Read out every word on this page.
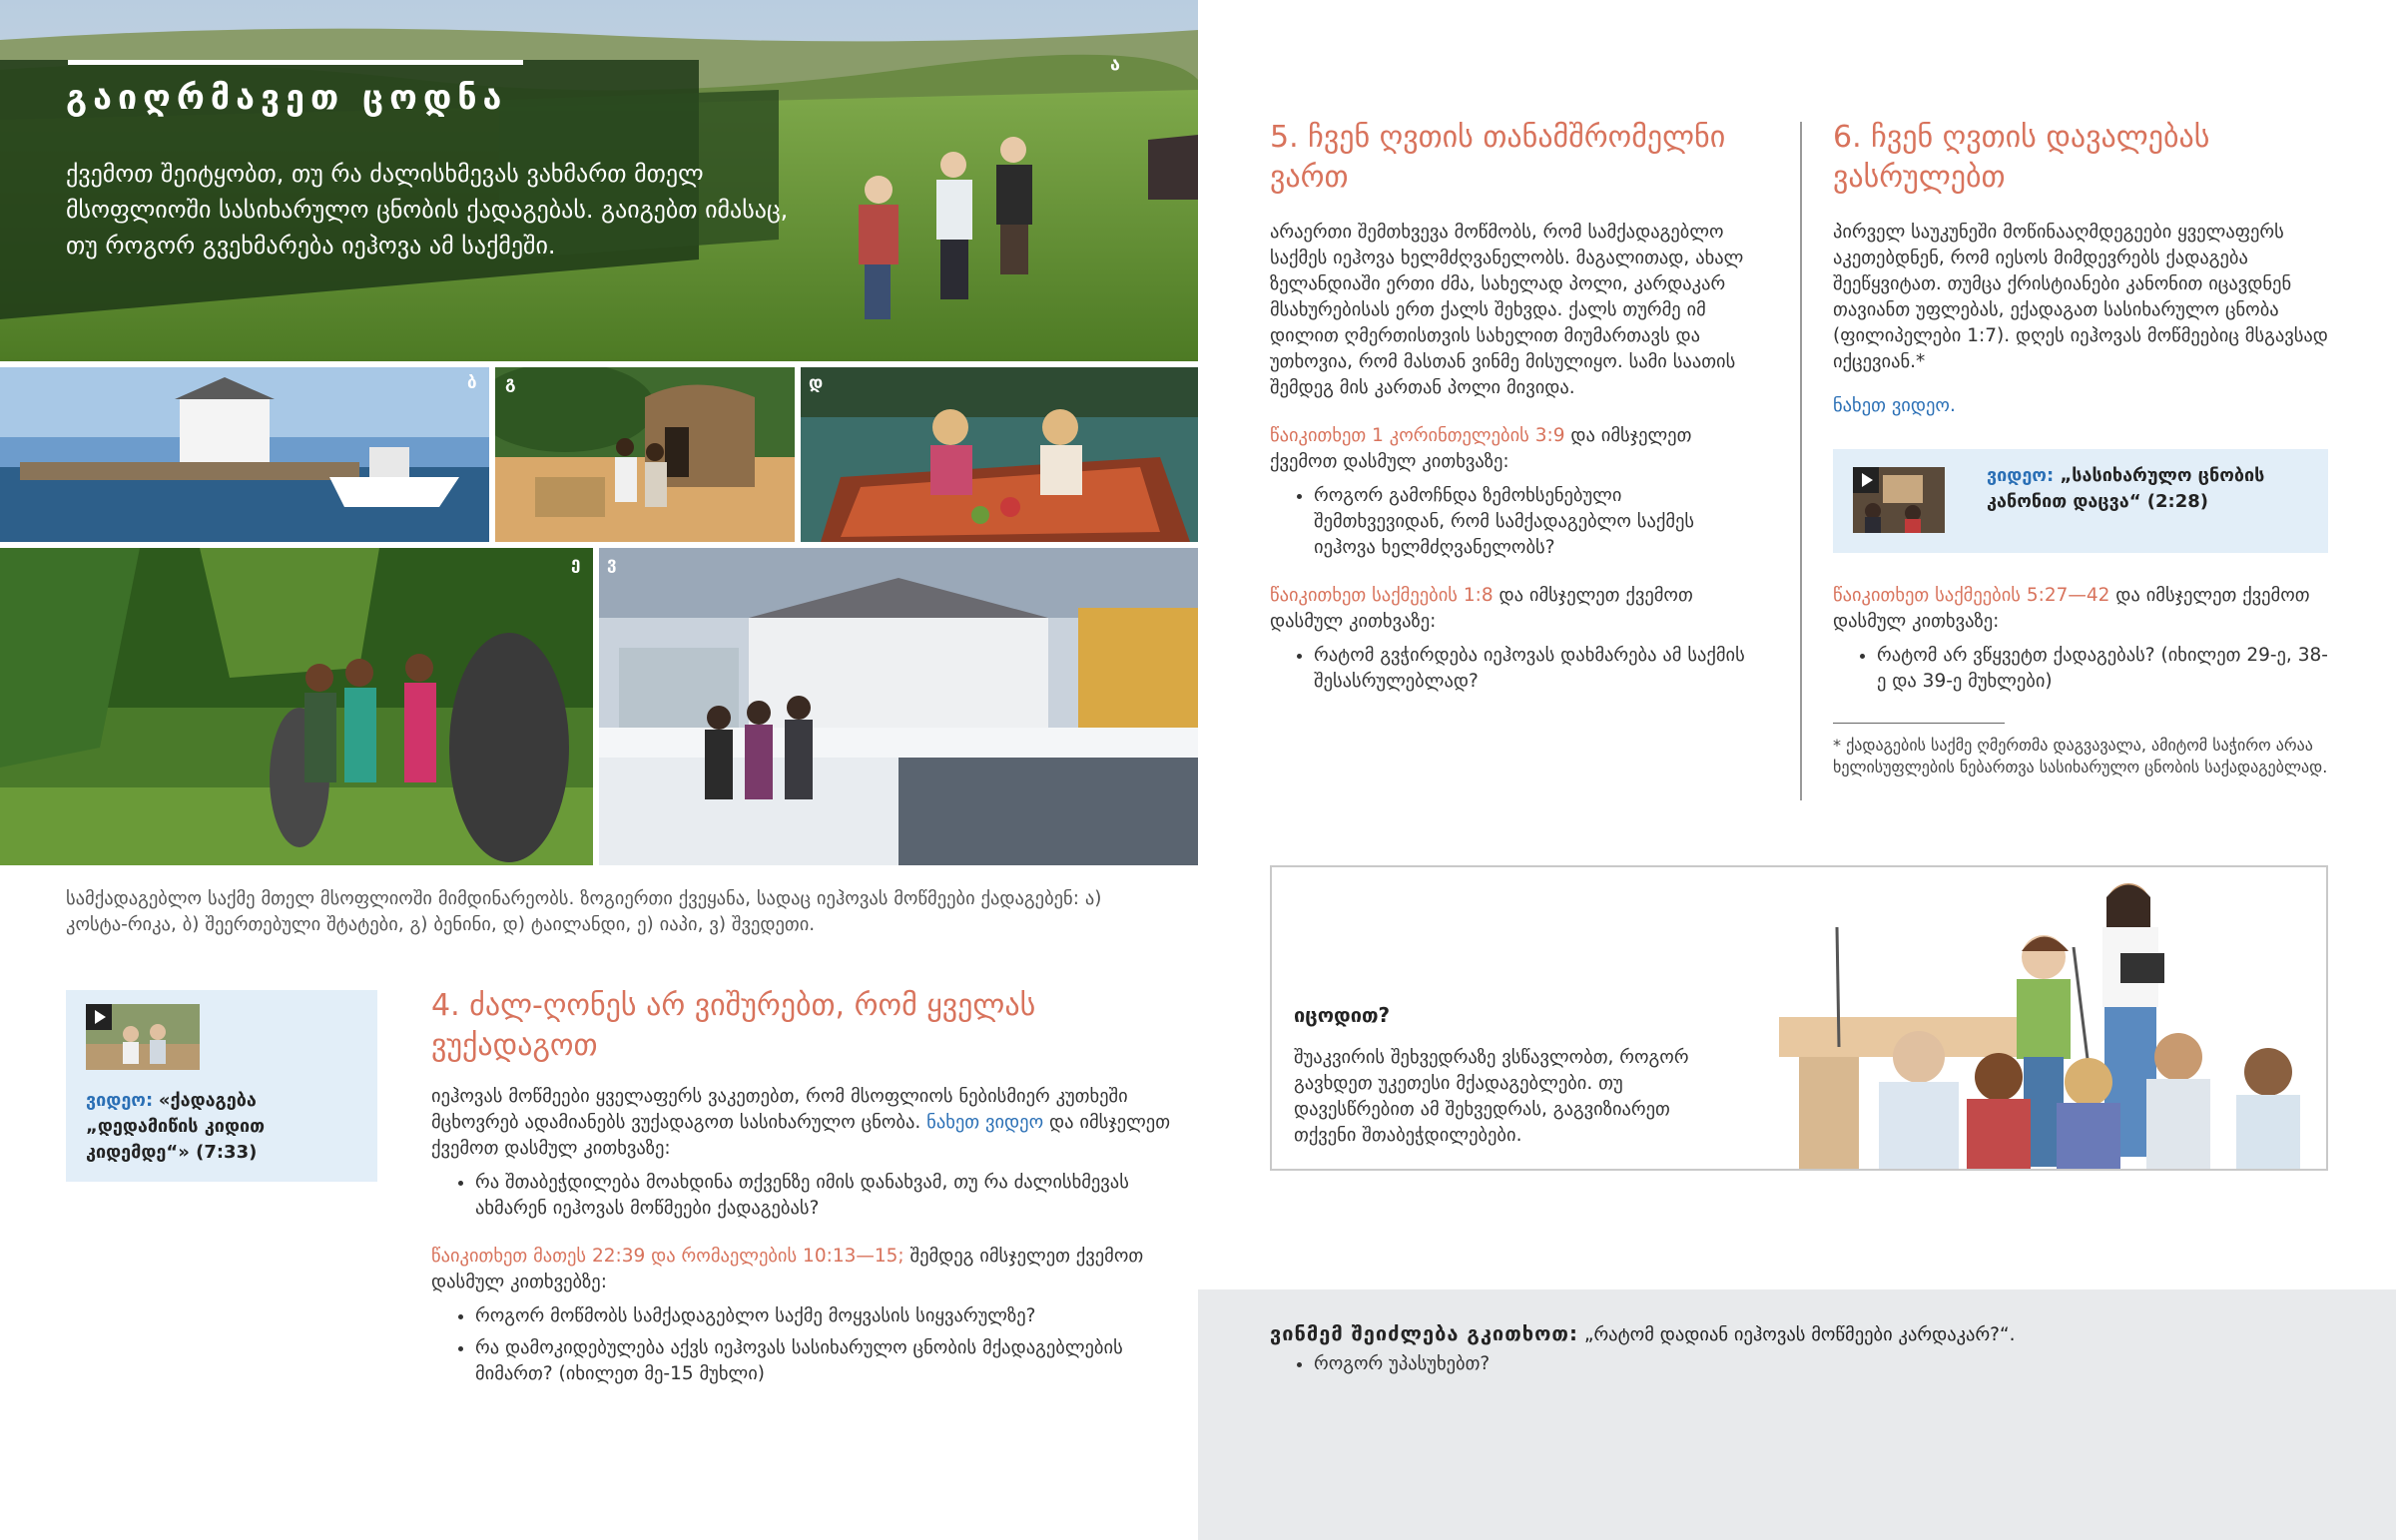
გაიღრმავეთ ცოდნა
ა
ქვემოთ შეიტყობთ, თუ რა ძალისხმევას ვახმართ მთელ მსოფლიოში სასიხარულო ცნობის ქადაგებას. გაიგებთ იმასაც, თუ როგორ გვეხმარება იეჰოვა ამ საქმეში.
ბ	გ	დ
ე	ვ
სამქადაგებლო საქმე მთელ მსოფლიოში მიმდინარეობს. ზოგიერთი ქვეყანა, სადაც იეჰოვას მოწმეები ქადაგებენ: ა) კოსტა-რიკა, ბ) შეერთებული შტატები, გ) ბენინი, დ) ტაილანდი, ე) იაპი, ვ) შვედეთი.
ვიდეო: «ქადაგება „დედამიწის კიდით კიდემდე“» (7:33)
4. ძალ-ღონეს არ ვიშურებთ, რომ ყველას ვუქადაგოთ
იეჰოვას მოწმეები ყველაფერს ვაკეთებთ, რომ მსოფლიოს ნებისმიერ კუთხეში მცხოვრებ ადამიანებს ვუქადაგოთ სასიხარულო ცნობა. ნახეთ ვიდეო და იმსჯელეთ ქვემოთ დასმულ კითხვაზე:
• რა შთაბეჭდილება მოახდინა თქვენზე იმის დანახვამ, თუ რა ძალისხმევას ახმარენ იეჰოვას მოწმეები ქადაგებას?
წაიკითხეთ მათეს 22:39 და რომაელების 10:13—15; შემდეგ იმსჯელეთ ქვემოთ დასმულ კითხვებზე:
• როგორ მოწმობს სამქადაგებლო საქმე მოყვასის სიყვარულზე?
• რა დამოკიდებულება აქვს იეჰოვას სასიხარულო ცნობის მქადაგებლების მიმართ? (იხილეთ მე-15 მუხლი)
5. ჩვენ ღვთის თანამშრომელნი ვართ
არაერთი შემთხვევა მოწმობს, რომ სამქადაგებლო საქმეს იეჰოვა ხელმძღვანელობს. მაგალითად, ახალ ზელანდიაში ერთი ძმა, სახელად პოლი, კარდაკარ მსახურებისას ერთ ქალს შეხვდა. ქალს თურმე იმ დილით ღმერთისთვის სახელით მიუმართავს და უთხოვია, რომ მასთან ვინმე მისულიყო. სამი საათის შემდეგ მის კართან პოლი მივიდა.
წაიკითხეთ 1 კორინთელების 3:9 და იმსჯელეთ ქვემოთ დასმულ კითხვაზე:
• როგორ გამოჩნდა ზემოხსენებული შემთხვევიდან, რომ სამქადაგებლო საქმეს იეჰოვა ხელმძღვანელობს?
წაიკითხეთ საქმეების 1:8 და იმსჯელეთ ქვემოთ დასმულ კითხვაზე:
• რატომ გვჭირდება იეჰოვას დახმარება ამ საქმის შესასრულებლად?
6. ჩვენ ღვთის დავალებას ვასრულებთ
პირველ საუკუნეში მოწინააღმდეგეები ყველაფერს აკეთებდნენ, რომ იესოს მიმდევრებს ქადაგება შეეწყვიტათ. თუმცა ქრისტიანები კანონით იცავდნენ თავიანთ უფლებას, ექადაგათ სასიხარულო ცნობა (ფილიპელები 1:7). დღეს იეჰოვას მოწმეებიც მსგავსად იქცევიან.*
ნახეთ ვიდეო.
ვიდეო: „სასიხარულო ცნობის კანონით დაცვა“ (2:28)
წაიკითხეთ საქმეების 5:27—42 და იმსჯელეთ ქვემოთ დასმულ კითხვაზე:
• რატომ არ ვწყვეტთ ქადაგებას? (იხილეთ 29-ე, 38-ე და 39-ე მუხლები)
* ქადაგების საქმე ღმერთმა დაგვავალა, ამიტომ საჭირო არაა ხელისუფლების ნებართვა სასიხარულო ცნობის საქადაგებლად.
იცოდით?
შუაკვირის შეხვედრაზე ვსწავლობთ, როგორ გავხდეთ უკეთესი მქადაგებლები. თუ დავესწრებით ამ შეხვედრას, გაგვიზიარეთ თქვენი შთაბეჭდილებები.
ვინმემ შეიძლება გკითხოთ: „რატომ დადიან იეჰოვას მოწმეები კარდაკარ?“.
• როგორ უპასუხებთ?
